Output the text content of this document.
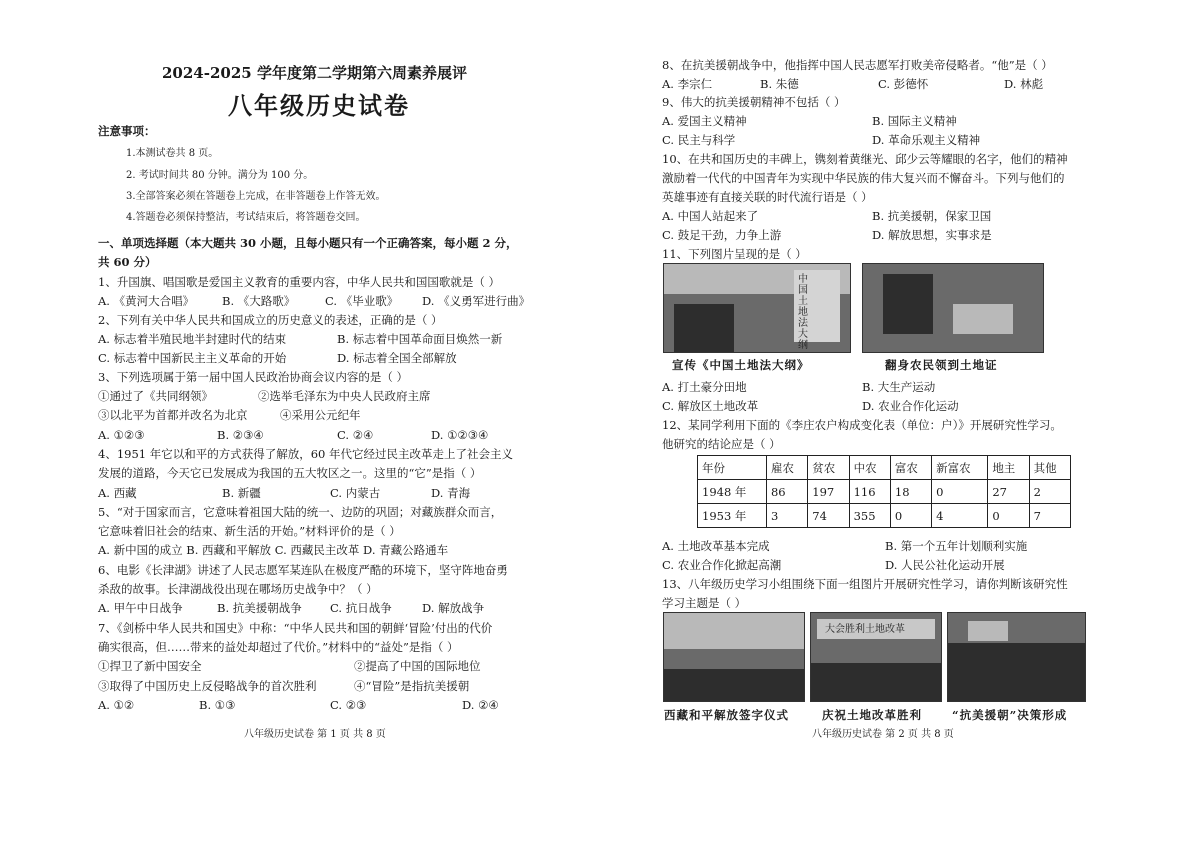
2024-2025 学年度第二学期第六周素养展评
八年级历史试卷
注意事项：
1.本测试卷共 8 页。
2. 考试时间共 80 分钟。满分为 100 分。
3.全部答案必须在答题卷上完成，在非答题卷上作答无效。
4.答题卷必须保持整洁，考试结束后，将答题卷交回。
一、单项选择题（本大题共 30 小题，且每小题只有一个正确答案，每小题 2 分，
共 60 分）
1、升国旗、唱国歌是爱国主义教育的重要内容，中华人民共和国国歌就是（ ）
A. 《黄河大合唱》 B. 《大路歌》	C. 《毕业歌》 D. 《义勇军进行曲》
2、下列有关中华人民共和国成立的历史意义的表述，正确的是（ ）
A. 标志着半殖民地半封建时代的结束	B. 标志着中国革命面目焕然一新
C. 标志着中国新民主主义革命的开始	D. 标志着全国全部解放
3、下列选项属于第一届中国人民政治协商会议内容的是（ ）
①通过了《共同纲领》	②选举毛泽东为中央人民政府主席
③以北平为首都并改名为北京	④采用公元纪年
A. ①②③	B. ②③④	C. ②④	D. ①②③④
4、1951 年它以和平的方式获得了解放，60 年代它经过民主改革走上了社会主义
发展的道路，今天它已发展成为我国的五大牧区之一。这里的“它”是指（ ）
A. 西藏	B. 新疆	C. 内蒙古	D. 青海
5、“对于国家而言，它意味着祖国大陆的统一、边防的巩固；对藏族群众而言，
它意味着旧社会的结束、新生活的开始。”材料评价的是（ ）
A. 新中国的成立 B. 西藏和平解放 C. 西藏民主改革 D. 青藏公路通车
6、电影《长津湖》讲述了人民志愿军某连队在极度严酷的环境下，坚守阵地奋勇
杀敌的故事。长津湖战役出现在哪场历史战争中？（ ）
A. 甲午中日战争	B. 抗美援朝战争 C. 抗日战争	D. 解放战争
7、《剑桥中华人民共和国史》中称：“中华人民共和国的朝鲜‘冒险’付出的代价
确实很高，但……带来的益处却超过了代价。”材料中的“益处”是指（ ）
①捍卫了新中国安全	②提高了中国的国际地位
③取得了中国历史上反侵略战争的首次胜利	④“冒险”是指抗美援朝
A. ①②	B. ①③	C. ②③	D. ②④
八年级历史试卷 第 1 页 共 8 页
8、在抗美援朝战争中，他指挥中国人民志愿军打败美帝侵略者。“他”是（ ）
A. 李宗仁	B. 朱德	C. 彭德怀	D. 林彪
9、伟大的抗美援朝精神不包括（ ）
A. 爱国主义精神	B. 国际主义精神
C. 民主与科学	D. 革命乐观主义精神
10、在共和国历史的丰碑上，镌刻着黄继光、邱少云等耀眼的名字，他们的精神
激励着一代代的中国青年为实现中华民族的伟大复兴而不懈奋斗。下列与他们的
英雄事迹有直接关联的时代流行语是（ ）
A. 中国人站起来了	B. 抗美援朝，保家卫国
C. 鼓足干劲，力争上游	D. 解放思想，实事求是
11、下列图片呈现的是（ ）
中国土地法大纲
宣传《中国土地法大纲》	翻身农民领到土地证
A. 打土豪分田地	B. 大生产运动
C. 解放区土地改革	D. 农业合作化运动
12、某同学利用下面的《李庄农户构成变化表（单位：户）》开展研究性学习。
他研究的结论应是（ ）
年份	雇农	贫农	中农	富农	新富农	地主	其他
1948 年	86	197	116	18	0	27	2
1953 年	3	74	355	0	4	0	7
A. 土地改革基本完成	B. 第一个五年计划顺利实施
C. 农业合作化掀起高潮	D. 人民公社化运动开展
13、八年级历史学习小组围绕下面一组图片开展研究性学习，请你判断该研究性
学习主题是（ ）
大会胜利土地改革
西藏和平解放签字仪式	庆祝土地改革胜利	“抗美援朝”决策形成
八年级历史试卷 第 2 页 共 8 页
